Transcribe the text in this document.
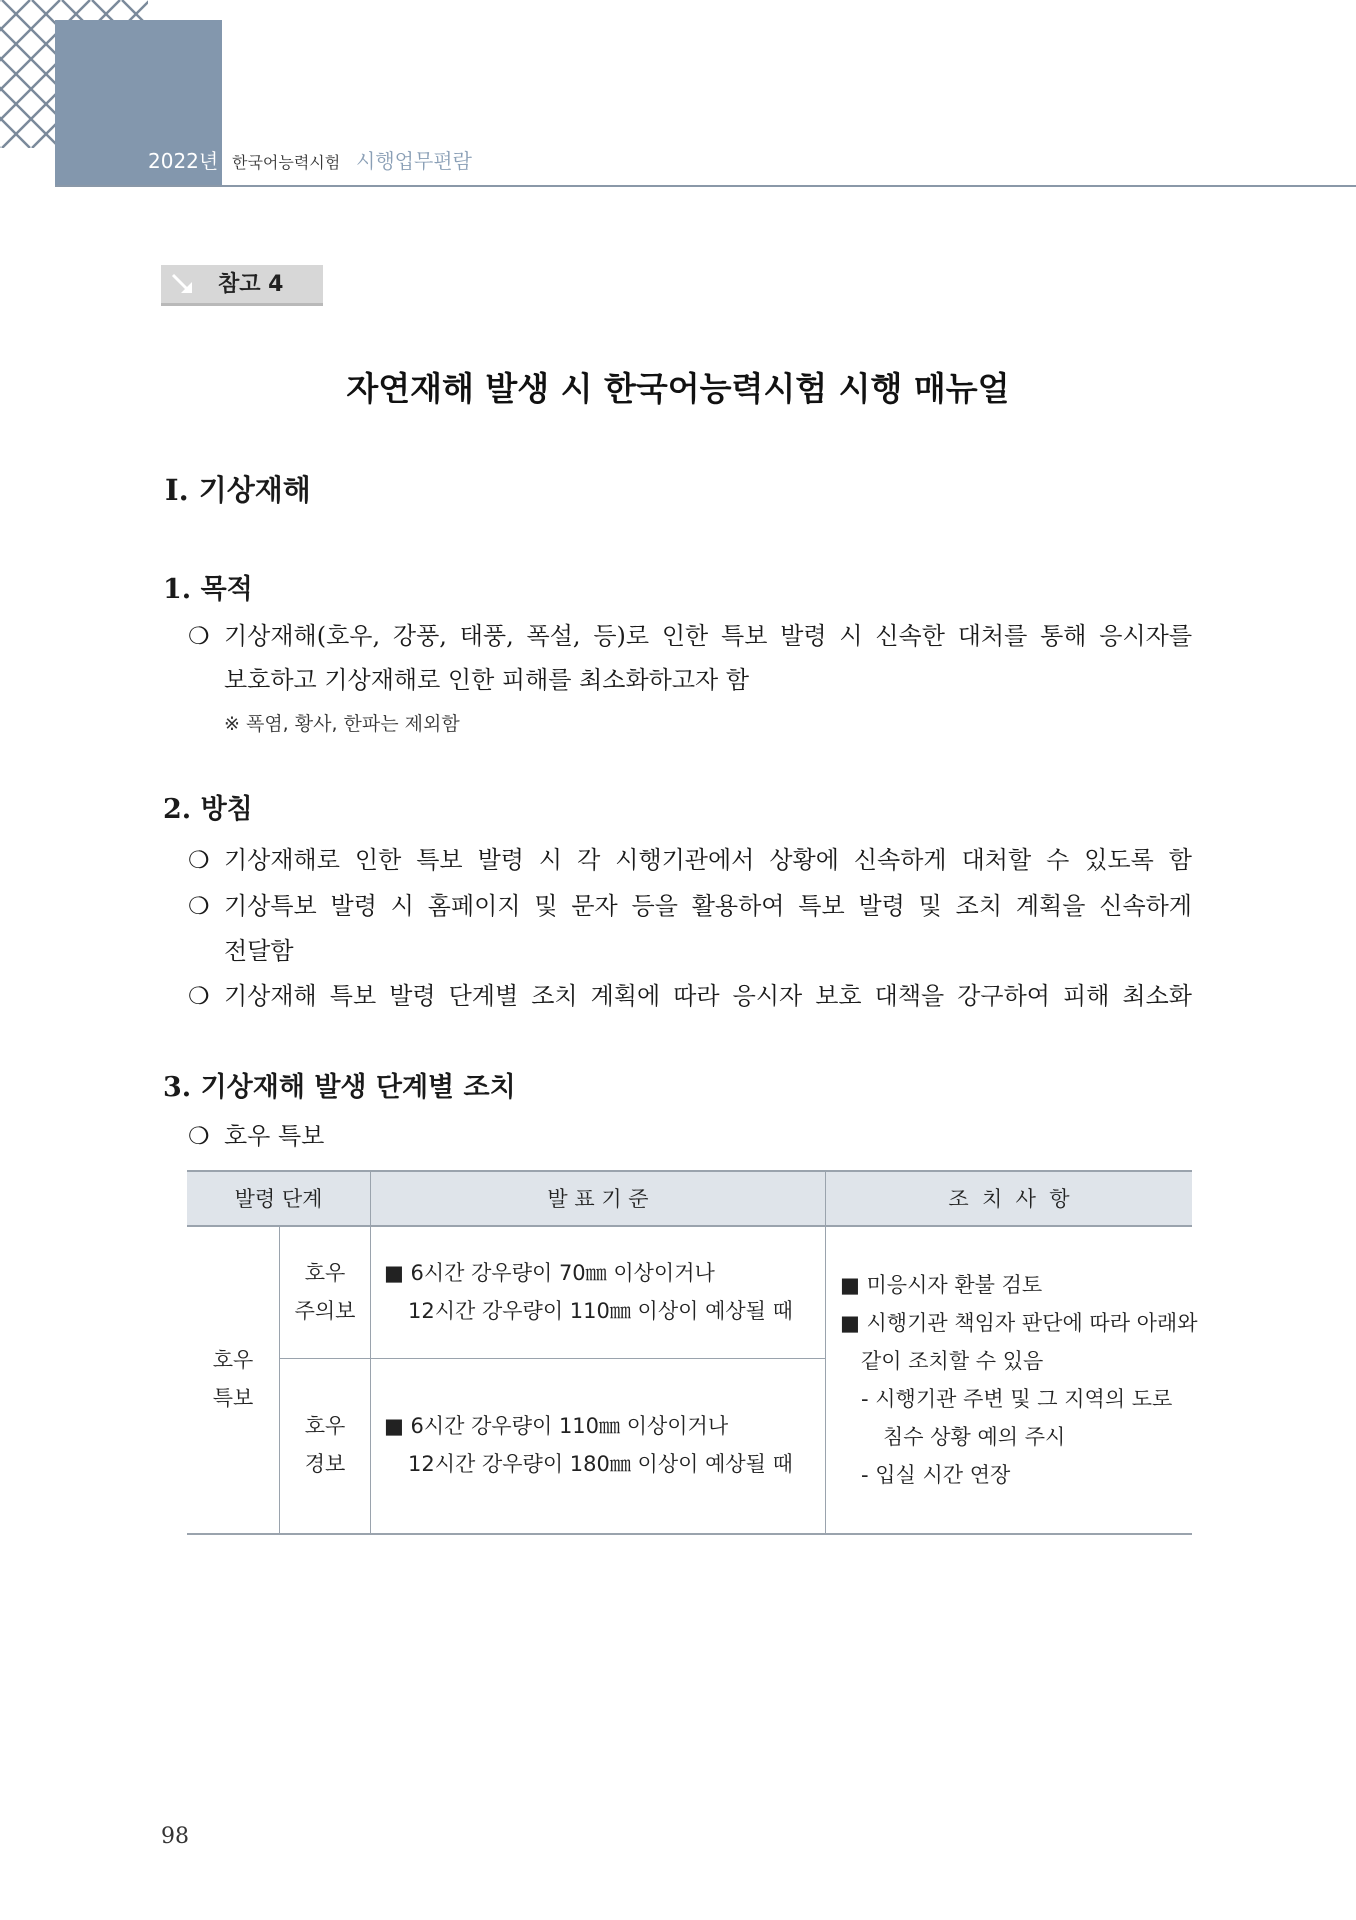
2022년 한국어능력시험 시행업무편람
참고 4
자연재해 발생 시 한국어능력시험 시행 매뉴얼
Ⅰ. 기상재해
1. 목적
❍ 기상재해(호우, 강풍, 태풍, 폭설, 등)로 인한 특보 발령 시 신속한 대처를 통해 응시자를
보호하고 기상재해로 인한 피해를 최소화하고자 함
※ 폭염, 황사, 한파는 제외함
2. 방침
❍ 기상재해로 인한 특보 발령 시 각 시행기관에서 상황에 신속하게 대처할 수 있도록 함
❍ 기상특보 발령 시 홈페이지 및 문자 등을 활용하여 특보 발령 및 조치 계획을 신속하게
전달함
❍ 기상재해 특보 발령 단계별 조치 계획에 따라 응시자 보호 대책을 강구하여 피해 최소화
3. 기상재해 발생 단계별 조치
❍ 호우 특보
발령 단계	발 표 기 준	조  치  사  항
호우
특보
호우
주의보
■ 6시간 강우량이 70㎜ 이상이거나
12시간 강우량이 110㎜ 이상이 예상될 때
호우
경보
■ 6시간 강우량이 110㎜ 이상이거나
12시간 강우량이 180㎜ 이상이 예상될 때
■ 미응시자 환불 검토
■ 시행기관 책임자 판단에 따라 아래와
같이 조치할 수 있음
- 시행기관 주변 및 그 지역의 도로
침수 상황 예의 주시
- 입실 시간 연장
98
